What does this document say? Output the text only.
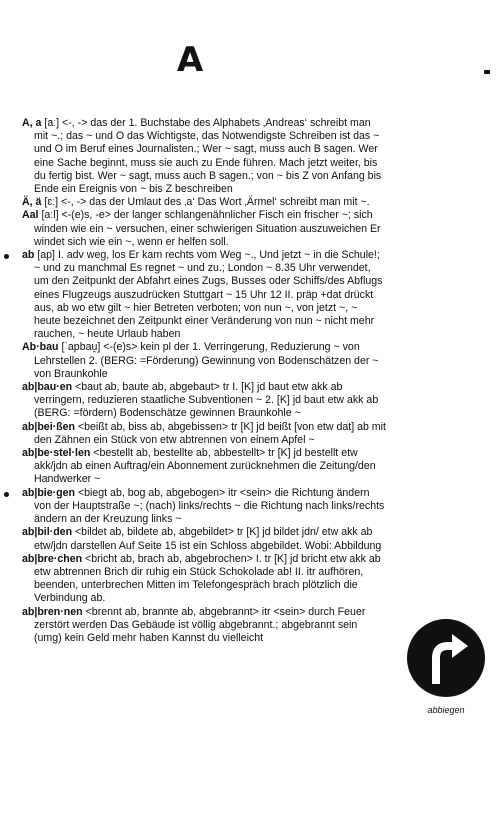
A
A, a [aː] <-, -> das der 1. Buchstabe des Alphabets ‚Andreas‘ schreibt man mit ~.; das ~ und O das Wichtigste, das Notwendigste Schreiben ist das ~ und O im Beruf eines Journalisten.; Wer ~ sagt, muss auch B sagen. Wer eine Sache beginnt, muss sie auch zu Ende führen. Mach jetzt weiter, bis du fertig bist. Wer ~ sagt, muss auch B sagen.; von ~ bis Z von Anfang bis Ende ein Ereignis von ~ bis Z beschreiben
Ä, ä [ɛː] <-, -> das der Umlaut des ‚a‘ Das Wort ‚Ärmel‘ schreibt man mit ~.
Aal [aːl] <-(e)s, -e> der langer schlangenähnlicher Fisch ein frischer ~; sich winden wie ein ~ versuchen, einer schwierigen Situation auszuweichen Er windet sich wie ein ~, wenn er helfen soll.
ab [ap] I. adv weg, los Er kam rechts vom Weg ~., Und jetzt ~ in die Schule!; ~ und zu manchmal Es regnet ~ und zu.; London ~ 8.35 Uhr verwendet, um den Zeitpunkt der Abfahrt eines Zugs, Busses oder Schiffs/des Abflugs eines Flugzeugs auszudrücken Stuttgart ~ 15 Uhr 12 II. präp +dat drückt aus, ab wo etw gilt ~ hier Betreten verboten; von nun ~, von jetzt ~, ~ heute bezeichnet den Zeitpunkt einer Veränderung von nun ~ nicht mehr rauchen, ~ heute Urlaub haben
Ab·bau [ˈapbau̯] <-(e)s> kein pl der 1. Verringerung, Reduzierung ~ von Lehrstellen 2. (BERG: =Förderung) Gewinnung von Bodenschätzen der ~ von Braunkohle
ab|bau·en <baut ab, baute ab, abgebaut> tr I. [K] jd baut etw akk ab verringern, reduzieren staatliche Subventionen ~ 2. [K] jd baut etw akk ab (BERG: =fördern) Bodenschätze gewinnen Braunkohle ~
ab|bei·ßen <beißt ab, biss ab, abgebissen> tr [K] jd beißt [von etw dat] ab mit den Zähnen ein Stück von etw abtrennen von einem Apfel ~
ab|be·stel·len <bestellt ab, bestellte ab, abbestellt> tr [K] jd bestellt etw akk/jdn ab einen Auftrag/ein Abonnement zurücknehmen die Zeitung/den Handwerker ~
ab|bie·gen <biegt ab, bog ab, abgebogen> itr <sein> die Richtung ändern von der Hauptstraße ~; (nach) links/rechts ~ die Richtung nach links/rechts ändern an der Kreuzung links ~
ab|bil·den <bildet ab, bildete ab, abgebildet> tr [K] jd bildet jdn/ etw akk ab etw/jdn darstellen Auf Seite 15 ist ein Schloss abgebildet. Wobi: Abbildung
ab|bre·chen <bricht ab, brach ab, abgebrochen> I. tr [K] jd bricht etw akk ab etw abtrennen Brich dir ruhig ein Stück Schokolade ab! II. itr aufhören, beenden, unterbrechen Mitten im Telefongespräch brach plötzlich die Verbindung ab.
ab|bren·nen <brennt ab, brannte ab, abgebrannt> itr <sein> durch Feuer zerstört werden Das Gebäude ist völlig abgebrannt.; abgebrannt sein (umg) kein Geld mehr haben Kannst du vielleicht
abbiegen
